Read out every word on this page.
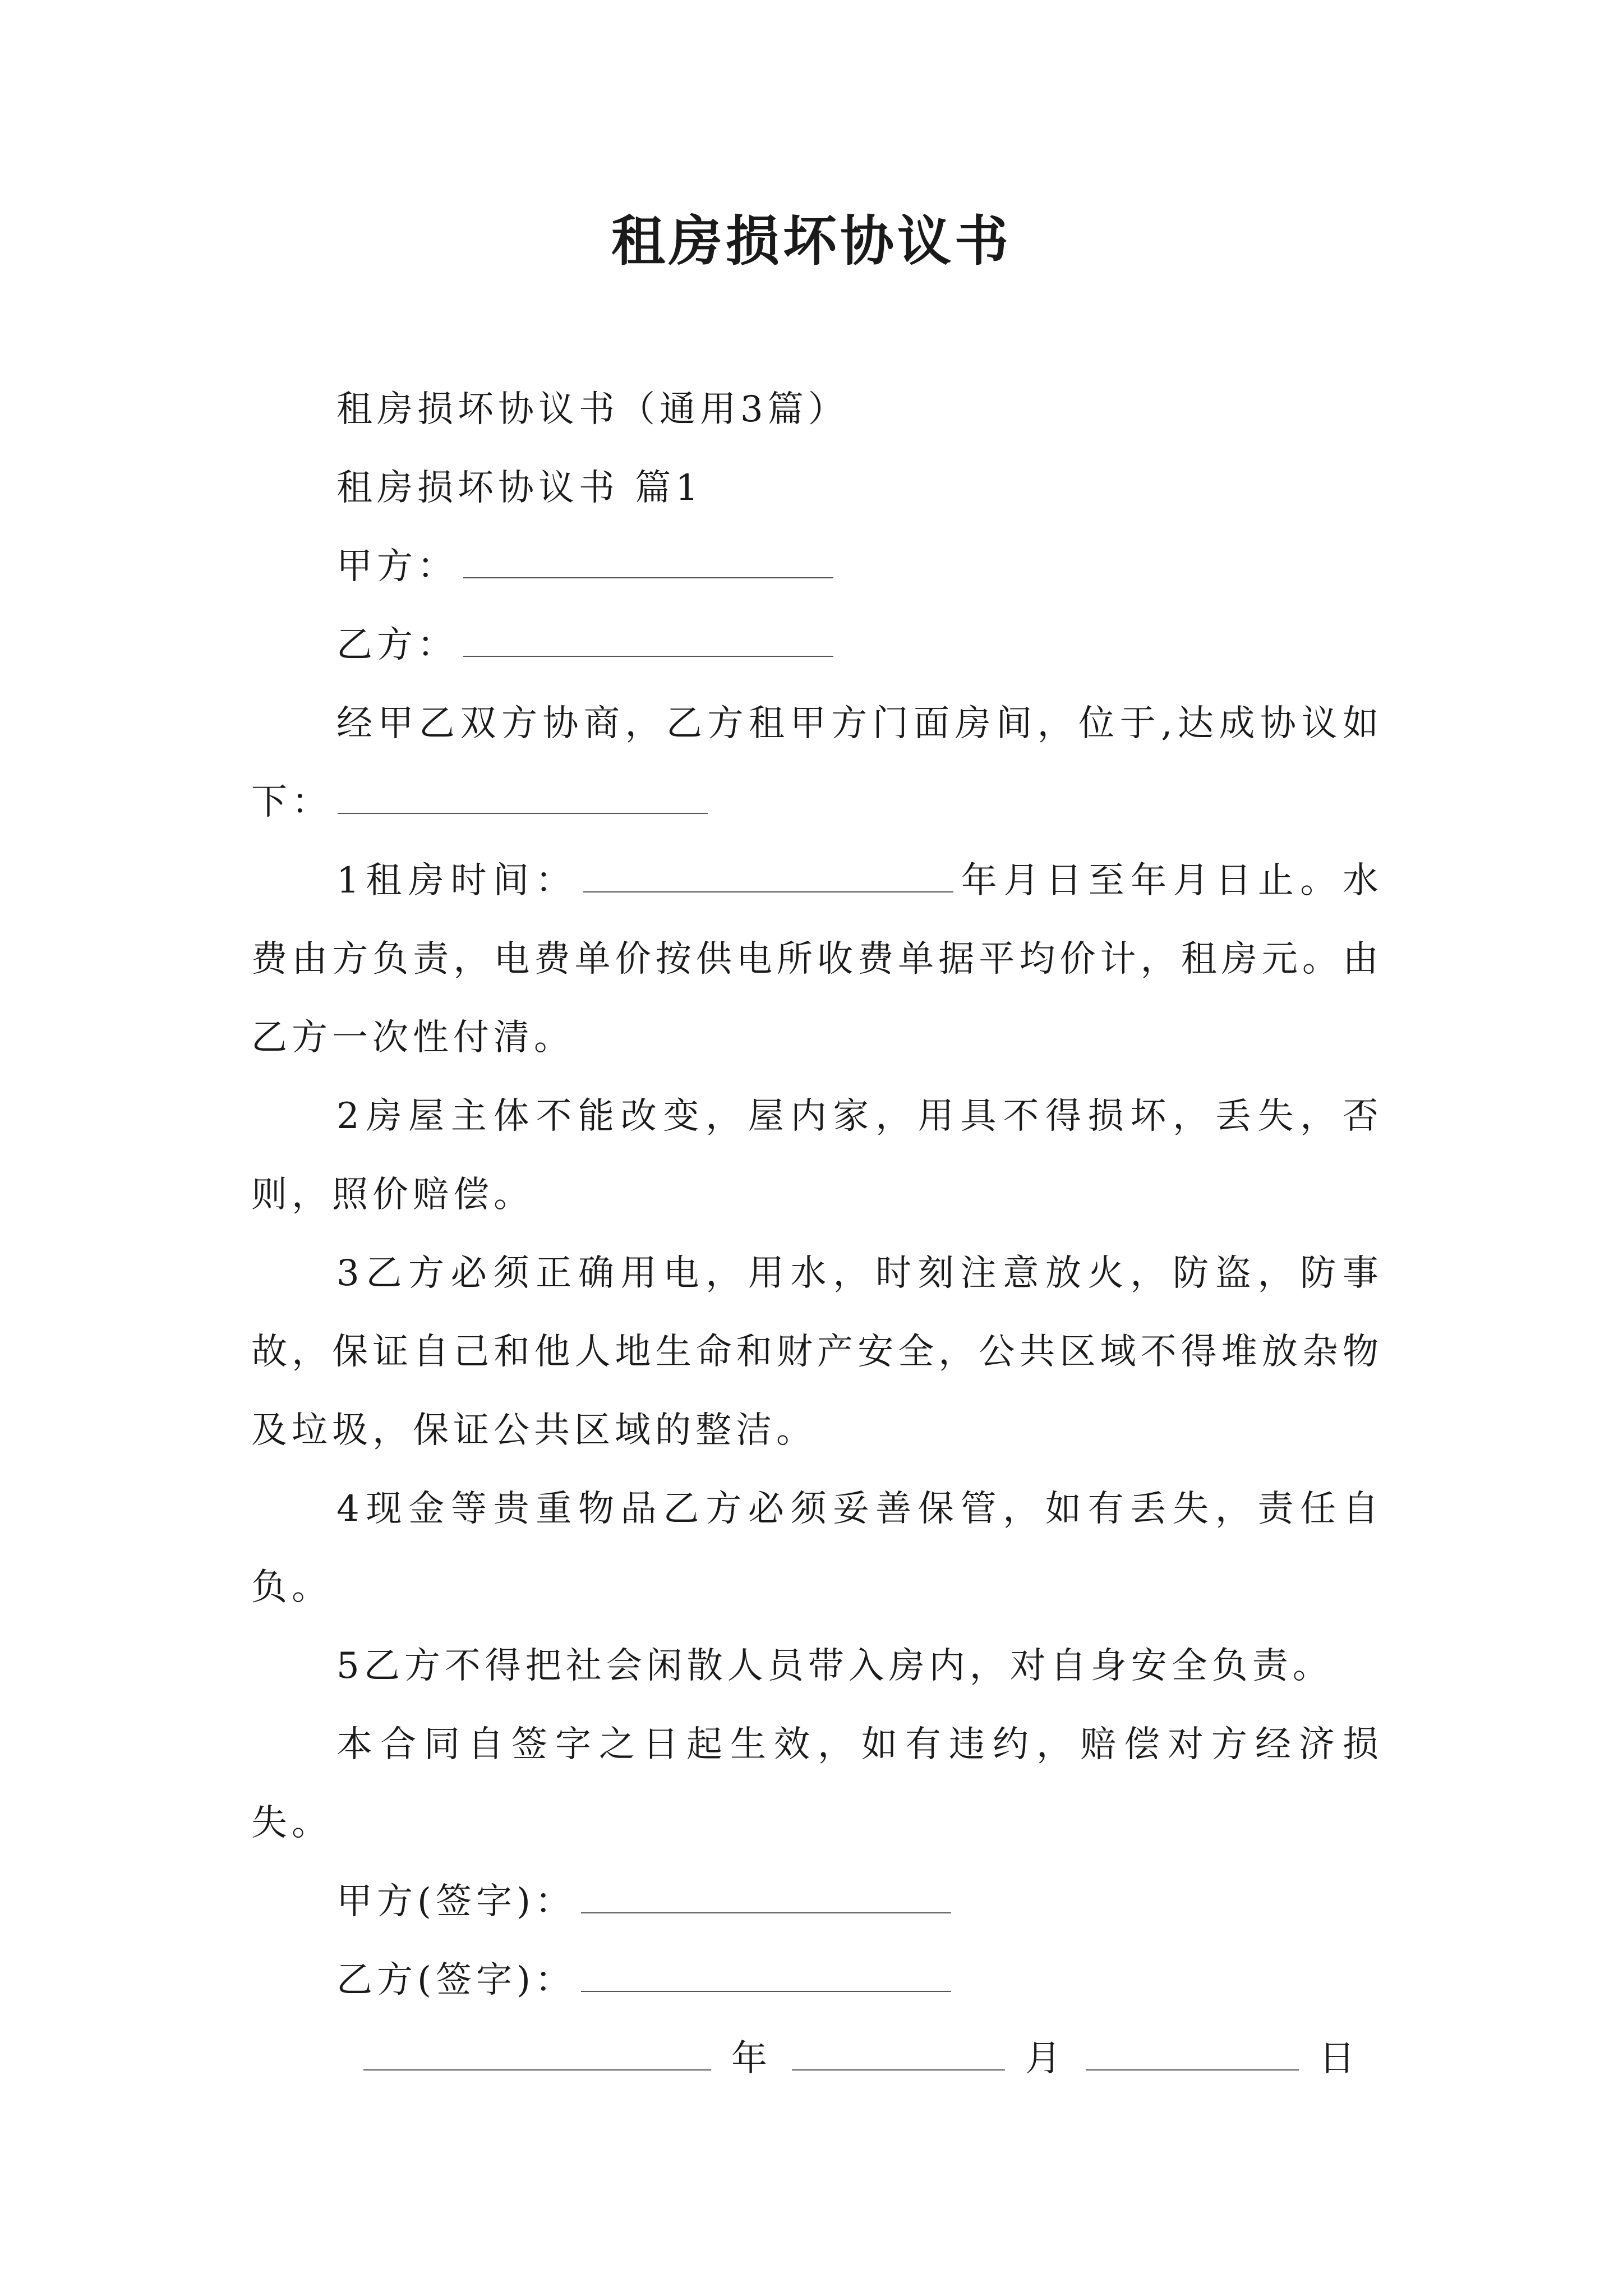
租房损坏协议书

租房损坏协议书（通用3篇）

租房损坏协议书 篇1

甲方：

乙方：

经甲乙双方协商，乙方租甲方门面房间，位于,达成协议如下：

1租房时间：	年月日至年月日止。水费由方负责，电费单价按供电所收费单据平均价计，租房元。由乙方一次性付清。

2房屋主体不能改变，屋内家，用具不得损坏，丢失，否则，照价赔偿。

3乙方必须正确用电，用水，时刻注意放火，防盗，防事故，保证自己和他人地生命和财产安全，公共区域不得堆放杂物及垃圾，保证公共区域的整洁。

4现金等贵重物品乙方必须妥善保管，如有丢失，责任自负。

5乙方不得把社会闲散人员带入房内，对自身安全负责。

本合同自签字之日起生效，如有违约，赔偿对方经济损失。

甲方(签字)：

乙方(签字)：

年	月	日
